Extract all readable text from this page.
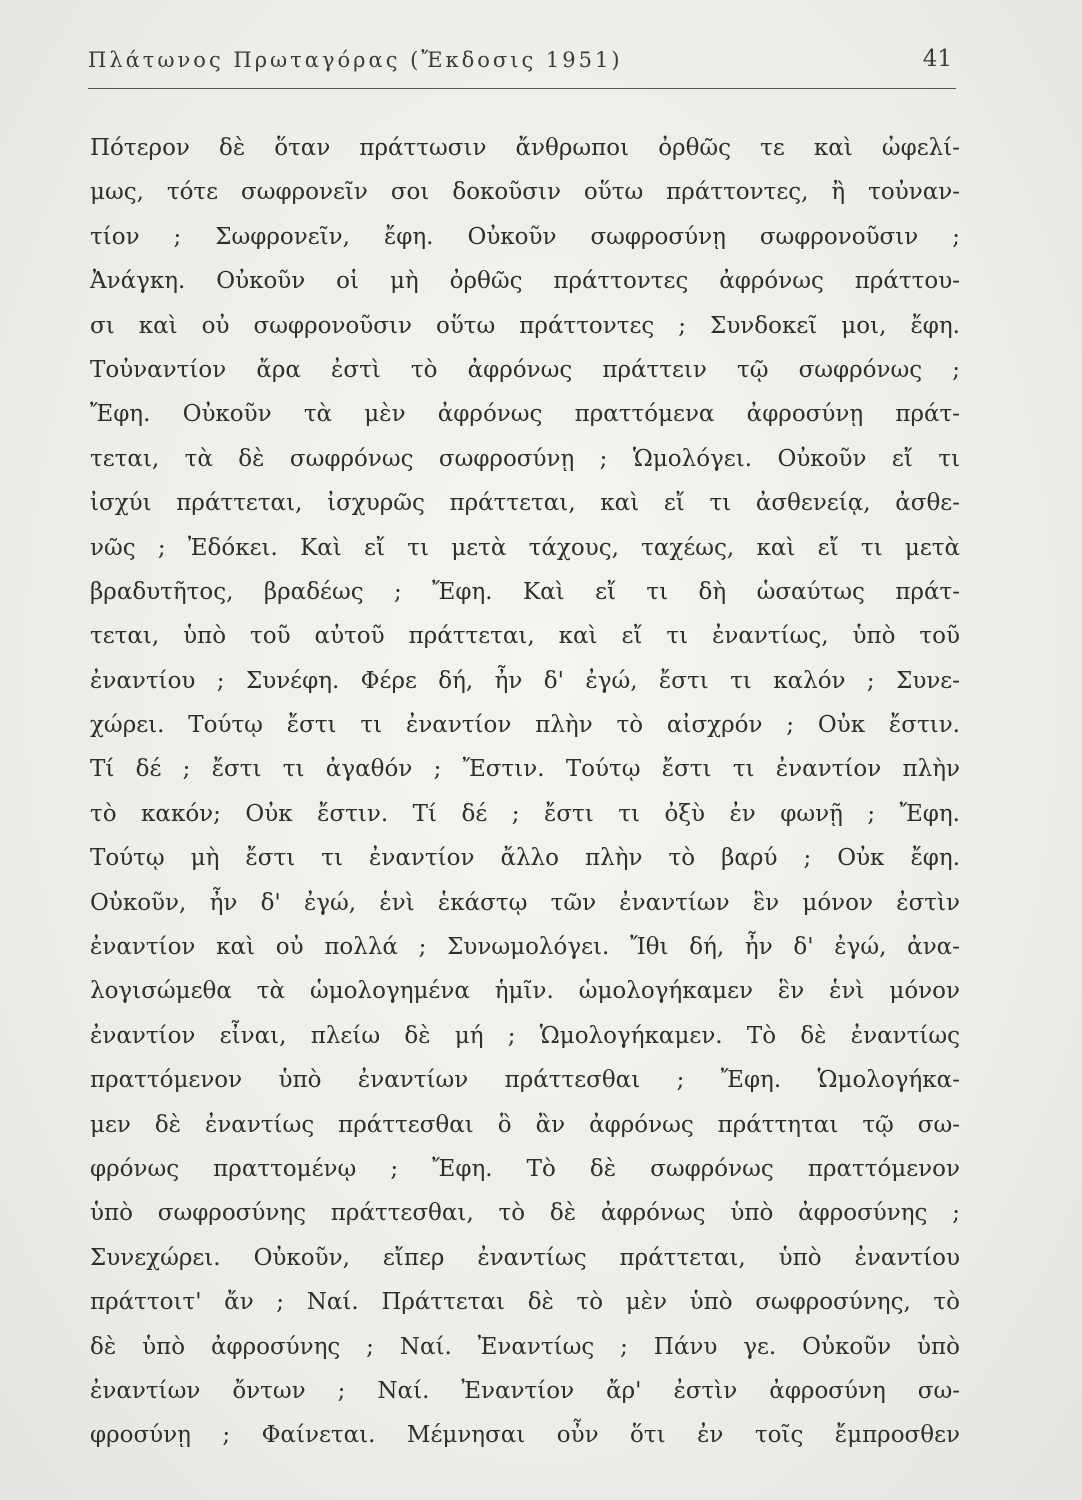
Πλάτωνος Πρωταγόρας (Ἔκδοσις 1951)	41
Πότερον δὲ ὅταν πράττωσιν ἄνθρωποι ὀρθῶς τε καὶ ὠφελί-
μως, τότε σωφρονεῖν σοι δοκοῦσιν οὕτω πράττοντες, ἢ τοὐναν-
τίον ; Σωφρονεῖν, ἔφη. Οὐκοῦν σωφροσύνῃ σωφρονοῦσιν ;
Ἀνάγκη. Οὐκοῦν οἱ μὴ ὀρθῶς πράττοντες ἀφρόνως πράττου-
σι καὶ οὐ σωφρονοῦσιν οὕτω πράττοντες ; Συνδοκεῖ μοι, ἔφη.
Τοὐναντίον ἄρα ἐστὶ τὸ ἀφρόνως πράττειν τῷ σωφρόνως ;
Ἔφη. Οὐκοῦν τὰ μὲν ἀφρόνως πραττόμενα ἀφροσύνῃ πράτ-
τεται, τὰ δὲ σωφρόνως σωφροσύνῃ ; Ὡμολόγει. Οὐκοῦν εἴ τι
ἰσχύι πράττεται, ἰσχυρῶς πράττεται, καὶ εἴ τι ἀσθενείᾳ, ἀσθε-
νῶς ; Ἐδόκει. Καὶ εἴ τι μετὰ τάχους, ταχέως, καὶ εἴ τι μετὰ
βραδυτῆτος, βραδέως ; Ἔφη. Καὶ εἴ τι δὴ ὡσαύτως πράτ-
τεται, ὑπὸ τοῦ αὐτοῦ πράττεται, καὶ εἴ τι ἐναντίως, ὑπὸ τοῦ
ἐναντίου ; Συνέφη. Φέρε δή, ἦν δ' ἐγώ, ἔστι τι καλόν ; Συνε-
χώρει. Τούτῳ ἔστι τι ἐναντίον πλὴν τὸ αἰσχρόν ; Οὐκ ἔστιν.
Τί δέ ; ἔστι τι ἀγαθόν ; Ἔστιν. Τούτῳ ἔστι τι ἐναντίον πλὴν
τὸ κακόν; Οὐκ ἔστιν. Τί δέ ; ἔστι τι ὀξὺ ἐν φωνῇ ; Ἔφη.
Τούτῳ μὴ ἔστι τι ἐναντίον ἄλλο πλὴν τὸ βαρύ ; Οὐκ ἔφη.
Οὐκοῦν, ἦν δ' ἐγώ, ἑνὶ ἑκάστῳ τῶν ἐναντίων ἓν μόνον ἐστὶν
ἐναντίον καὶ οὐ πολλά ; Συνωμολόγει. Ἴθι δή, ἦν δ' ἐγώ, ἀνα-
λογισώμεθα τὰ ὡμολογημένα ἡμῖν. ὡμολογήκαμεν ἓν ἑνὶ μόνον
ἐναντίον εἶναι, πλείω δὲ μή ; Ὡμολογήκαμεν. Τὸ δὲ ἐναντίως
πραττόμενον ὑπὸ ἐναντίων πράττεσθαι ; Ἔφη. Ὡμολογήκα-
μεν δὲ ἐναντίως πράττεσθαι ὃ ἂν ἀφρόνως πράττηται τῷ σω-
φρόνως πραττομένῳ ; Ἔφη. Τὸ δὲ σωφρόνως πραττόμενον
ὑπὸ σωφροσύνης πράττεσθαι, τὸ δὲ ἀφρόνως ὑπὸ ἀφροσύνης ;
Συνεχώρει. Οὐκοῦν, εἴπερ ἐναντίως πράττεται, ὑπὸ ἐναντίου
πράττοιτ' ἄν ; Ναί. Πράττεται δὲ τὸ μὲν ὑπὸ σωφροσύνης, τὸ
δὲ ὑπὸ ἀφροσύνης ; Ναί. Ἐναντίως ; Πάνυ γε. Οὐκοῦν ὑπὸ
ἐναντίων ὄντων ; Ναί. Ἐναντίον ἄρ' ἐστὶν ἀφροσύνη σω-
φροσύνῃ ; Φαίνεται. Μέμνησαι οὖν ὅτι ἐν τοῖς ἔμπροσθεν
